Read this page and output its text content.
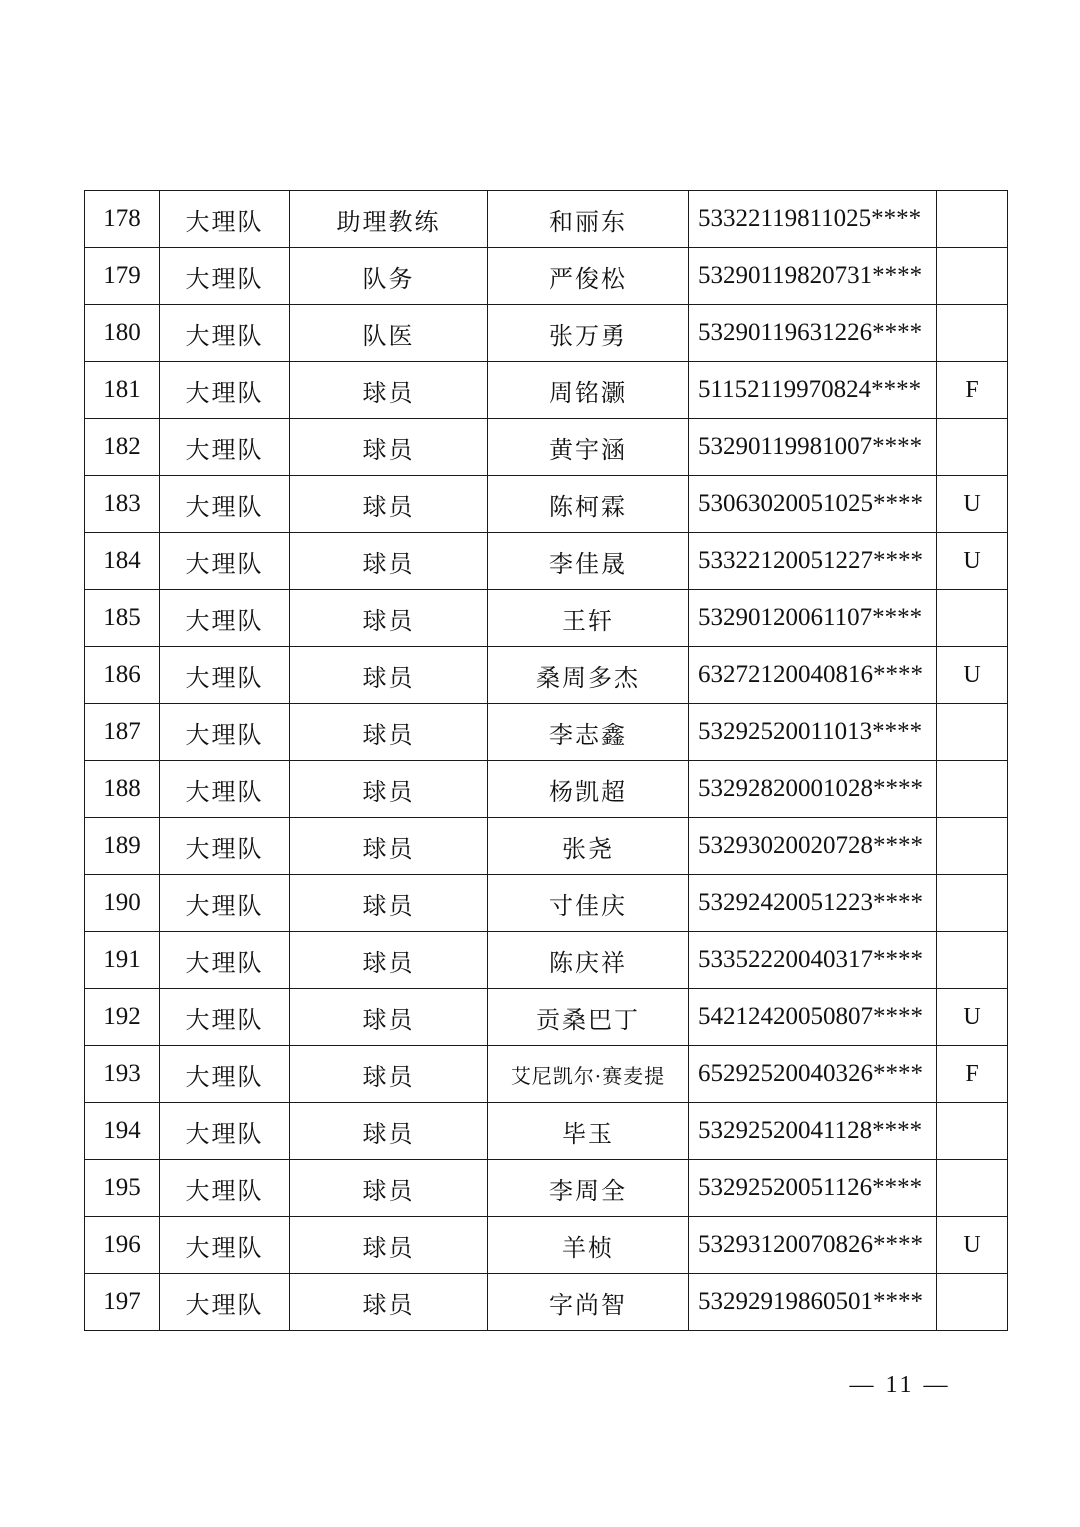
178	大理队	助理教练	和丽东	53322119811025****	
179	大理队	队务	严俊松	53290119820731****	
180	大理队	队医	张万勇	53290119631226****	
181	大理队	球员	周铭灏	51152119970824****	F
182	大理队	球员	黄宇涵	53290119981007****	
183	大理队	球员	陈柯霖	53063020051025****	U
184	大理队	球员	李佳晟	53322120051227****	U
185	大理队	球员	王轩	53290120061107****	
186	大理队	球员	桑周多杰	63272120040816****	U
187	大理队	球员	李志鑫	53292520011013****	
188	大理队	球员	杨凯超	53292820001028****	
189	大理队	球员	张尧	53293020020728****	
190	大理队	球员	寸佳庆	53292420051223****	
191	大理队	球员	陈庆祥	53352220040317****	
192	大理队	球员	贡桑巴丁	54212420050807****	U
193	大理队	球员	艾尼凯尔·赛麦提	65292520040326****	F
194	大理队	球员	毕玉	53292520041128****	
195	大理队	球员	李周全	53292520051126****	
196	大理队	球员	羊桢	53293120070826****	U
197	大理队	球员	字尚智	53292919860501****	
— 11 —
